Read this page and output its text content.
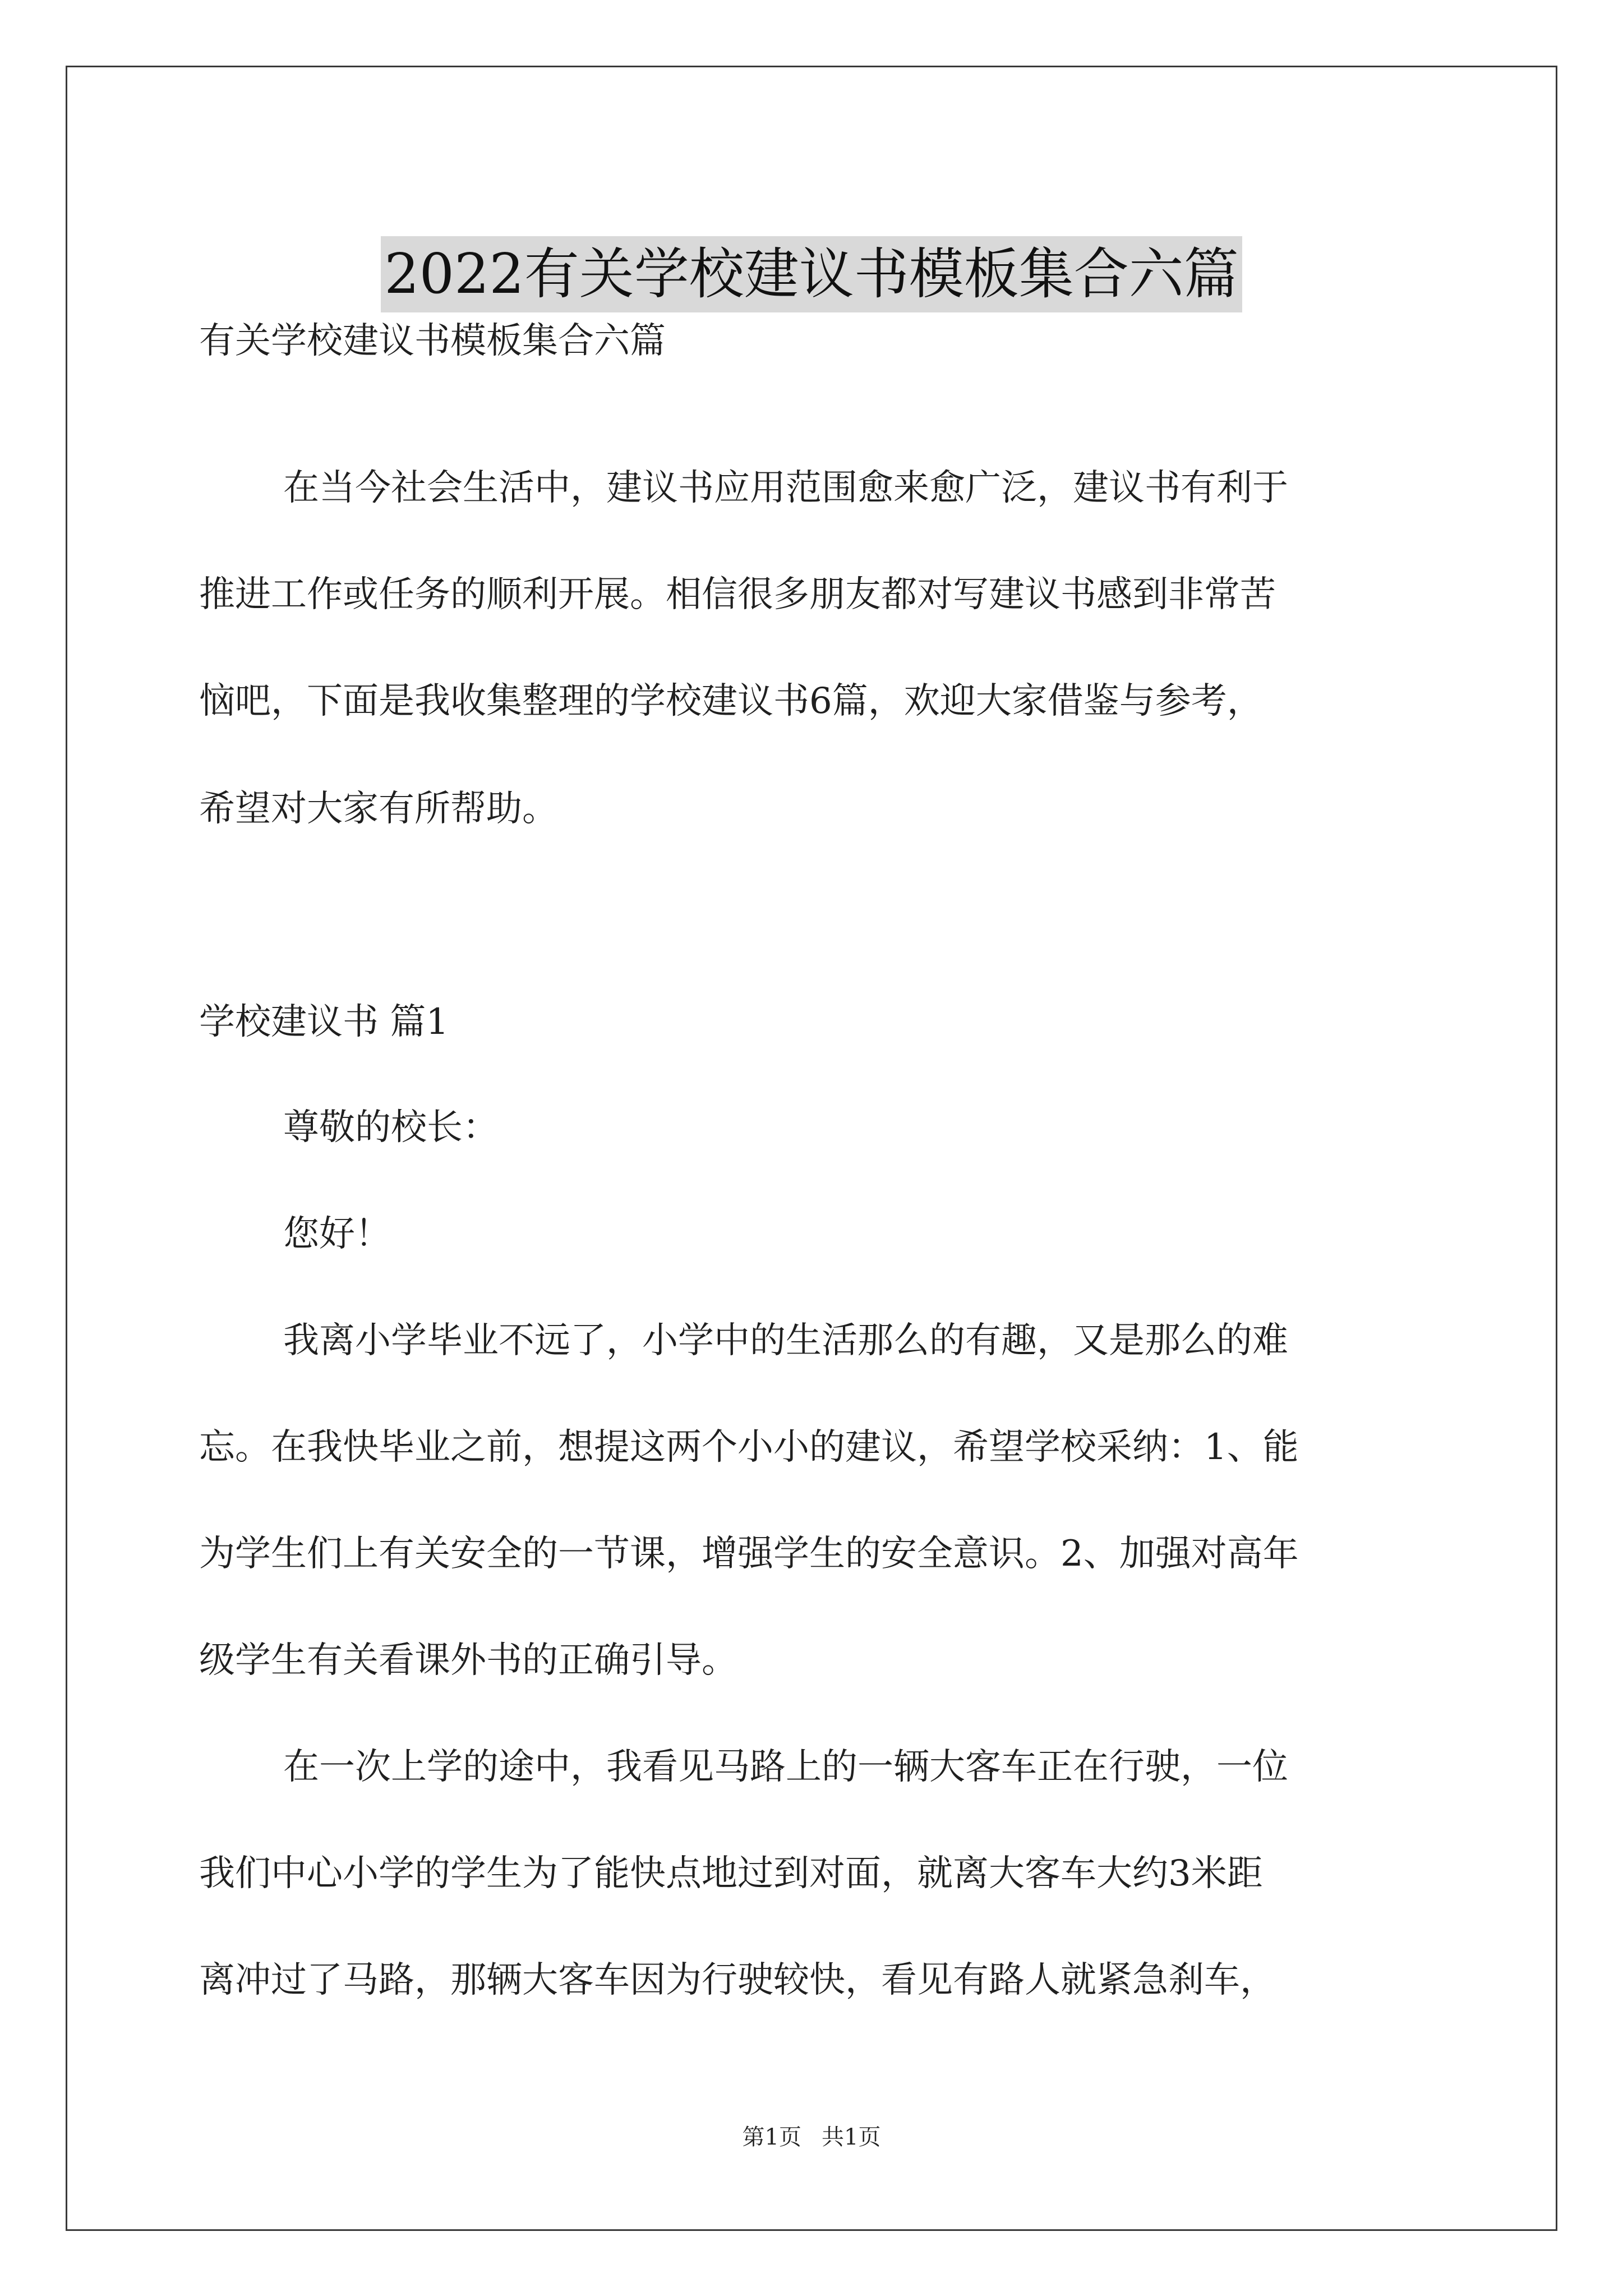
2022有关学校建议书模板集合六篇
有关学校建议书模板集合六篇
在当今社会生活中，建议书应用范围愈来愈广泛，建议书有利于
推进工作或任务的顺利开展。相信很多朋友都对写建议书感到非常苦
恼吧，下面是我收集整理的学校建议书6篇，欢迎大家借鉴与参考，
希望对大家有所帮助。
学校建议书 篇1
尊敬的校长：
您好！
我离小学毕业不远了，小学中的生活那么的有趣，又是那么的难
忘。在我快毕业之前，想提这两个小小的建议，希望学校采纳：1、能
为学生们上有关安全的一节课，增强学生的安全意识。2、加强对高年
级学生有关看课外书的正确引导。
在一次上学的途中，我看见马路上的一辆大客车正在行驶，一位
我们中心小学的学生为了能快点地过到对面，就离大客车大约3米距
离冲过了马路，那辆大客车因为行驶较快，看见有路人就紧急刹车，
第1页 共1页
